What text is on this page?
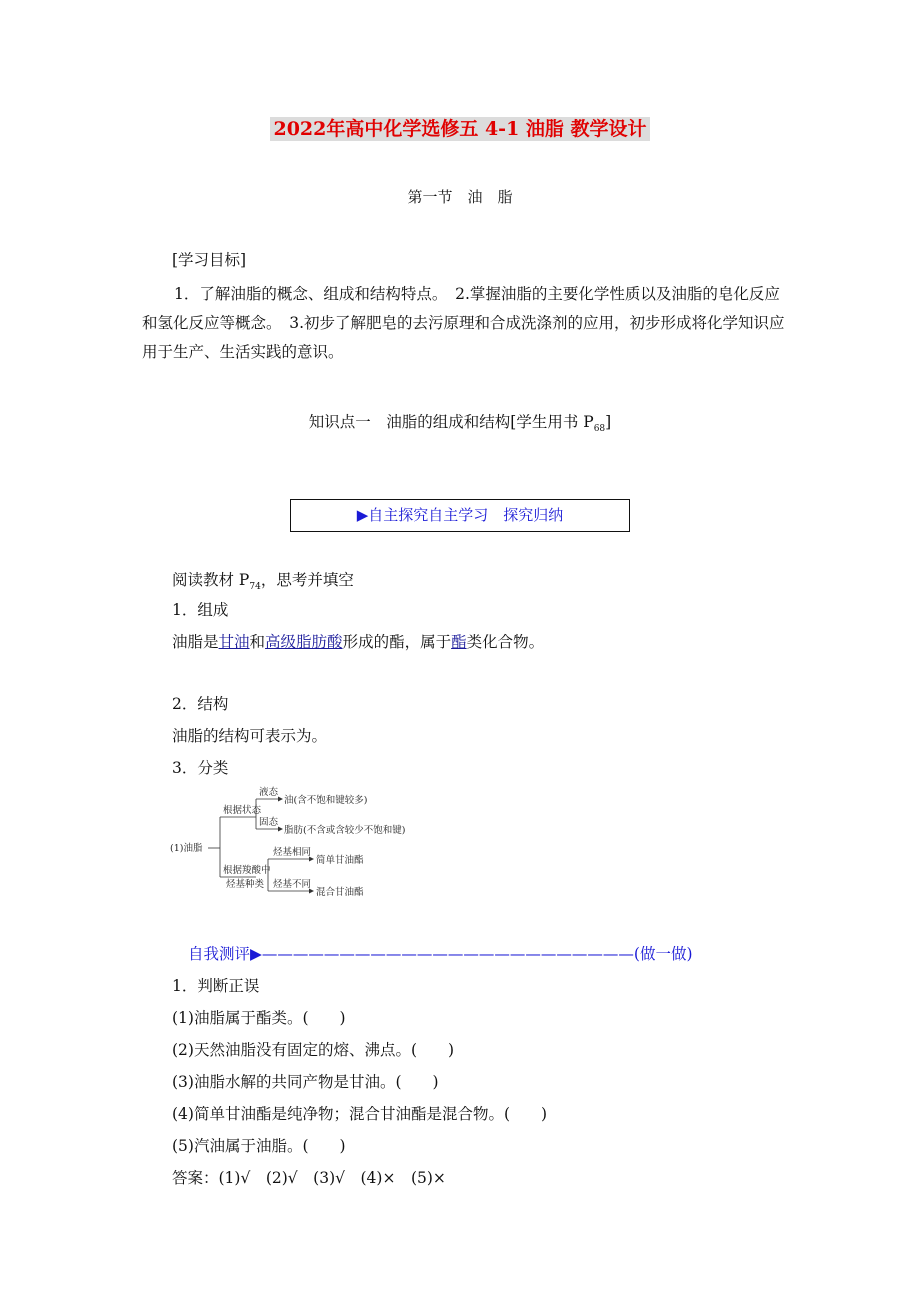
2022年高中化学选修五 4-1 油脂 教学设计
第一节　油　脂
[学习目标]
1．了解油脂的概念、组成和结构特点。　2.掌握油脂的主要化学性质以及油脂的皂化反应和氢化反应等概念。　3.初步了解肥皂的去污原理和合成洗涤剂的应用，初步形成将化学知识应用于生产、生活实践的意识。
知识点一　油脂的组成和结构[学生用书 $P_{68}$]
▶自主探究自主学习　探究归纳
阅读教材 $P_{74}$，思考并填空
1．组成
油脂是甘油和高级脂肪酸形成的酯，属于酯类化合物。
2．结构
油脂的结构可表示为。
3．分类
(1)油脂
根据状态
液态
固态
油(含不饱和键较多)
脂肪(不含或含较少不饱和键)
根据羧酸中
烃基种类
烃基相同
烃基不同
简单甘油酯
混合甘油酯
自我测评▶————————————————————————(做一做)
1．判断正误
(1)油脂属于酯类。(　　)
(2)天然油脂没有固定的熔、沸点。(　　)
(3)油脂水解的共同产物是甘油。(　　)
(4)简单甘油酯是纯净物；混合甘油酯是混合物。(　　)
(5)汽油属于油脂。(　　)
答案：(1)√　(2)√　(3)√　(4)×　(5)×
